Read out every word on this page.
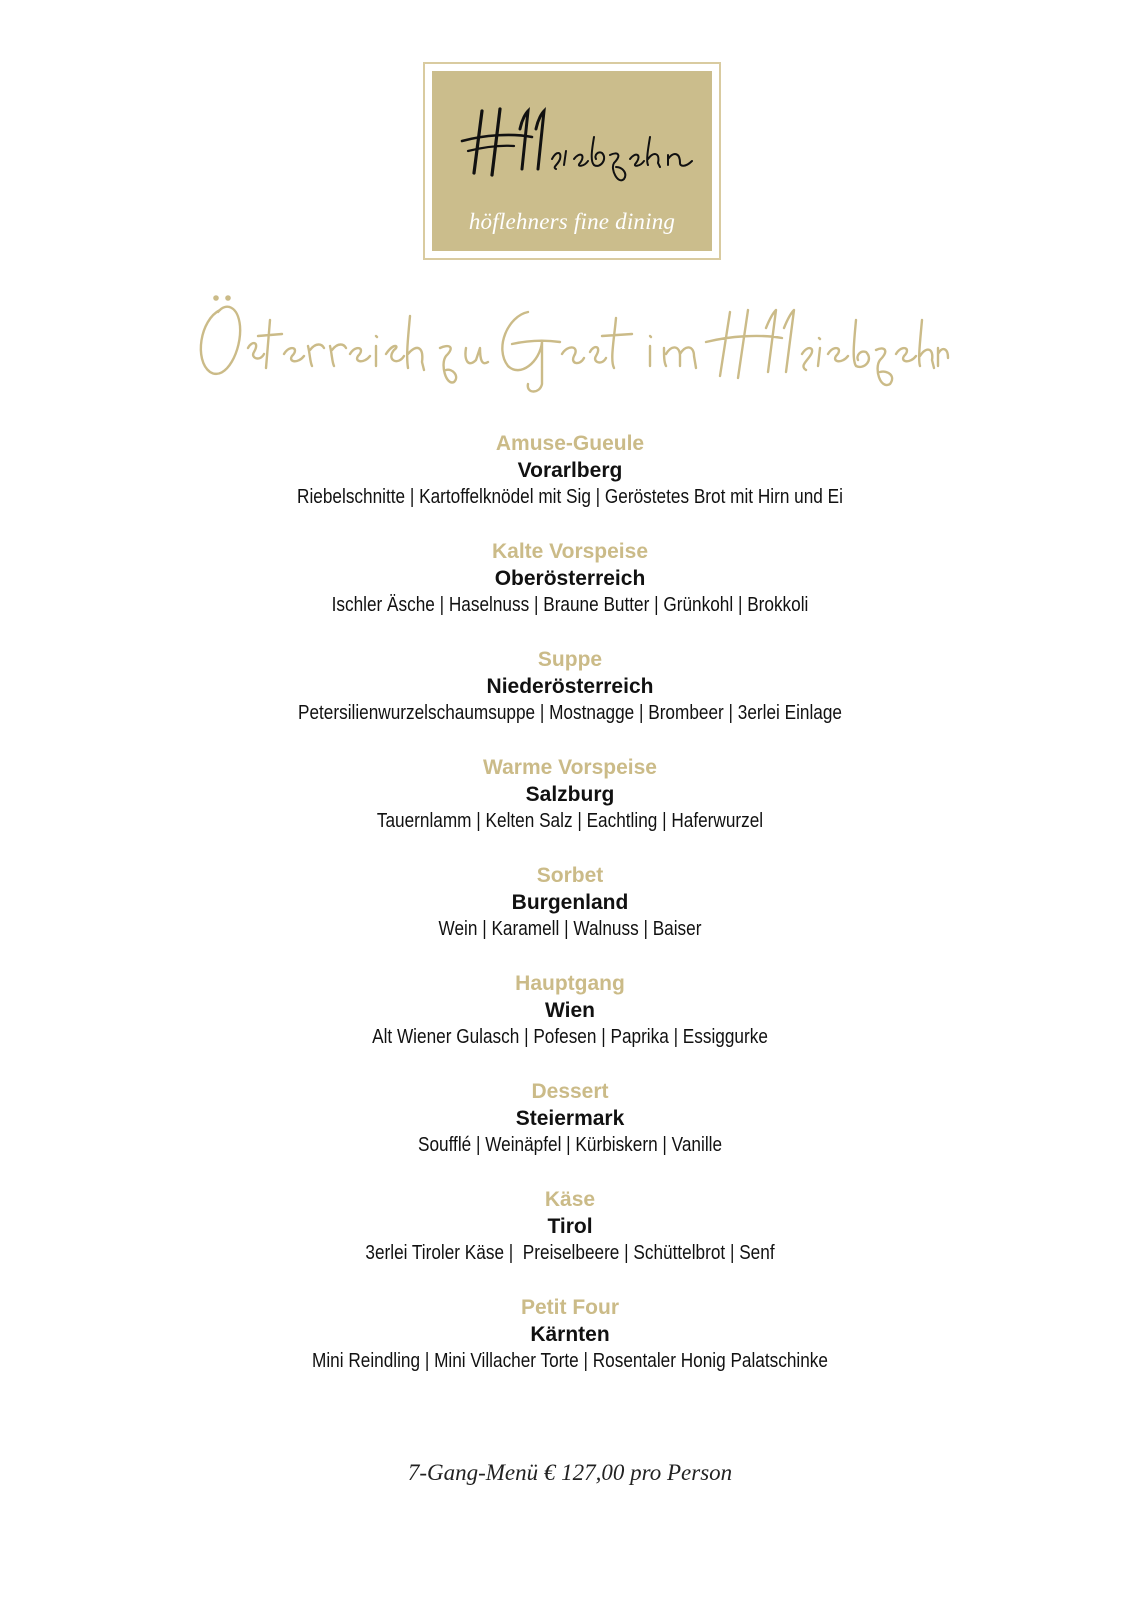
höflehners fine dining
Amuse-Gueule
Vorarlberg
Riebelschnitte | Kartoffelknödel mit Sig | Geröstetes Brot mit Hirn und Ei
Kalte Vorspeise
Oberösterreich
Ischler Äsche | Haselnuss | Braune Butter | Grünkohl | Brokkoli
Suppe
Niederösterreich
Petersilienwurzelschaumsuppe | Mostnagge | Brombeer | 3erlei Einlage
Warme Vorspeise
Salzburg
Tauernlamm | Kelten Salz | Eachtling | Haferwurzel
Sorbet
Burgenland
Wein | Karamell | Walnuss | Baiser
Hauptgang
Wien
Alt Wiener Gulasch | Pofesen | Paprika | Essiggurke
Dessert
Steiermark
Soufflé | Weinäpfel | Kürbiskern | Vanille
Käse
Tirol
3erlei Tiroler Käse |  Preiselbeere | Schüttelbrot | Senf
Petit Four
Kärnten
Mini Reindling | Mini Villacher Torte | Rosentaler Honig Palatschinke
7-Gang-Menü € 127,00 pro Person
